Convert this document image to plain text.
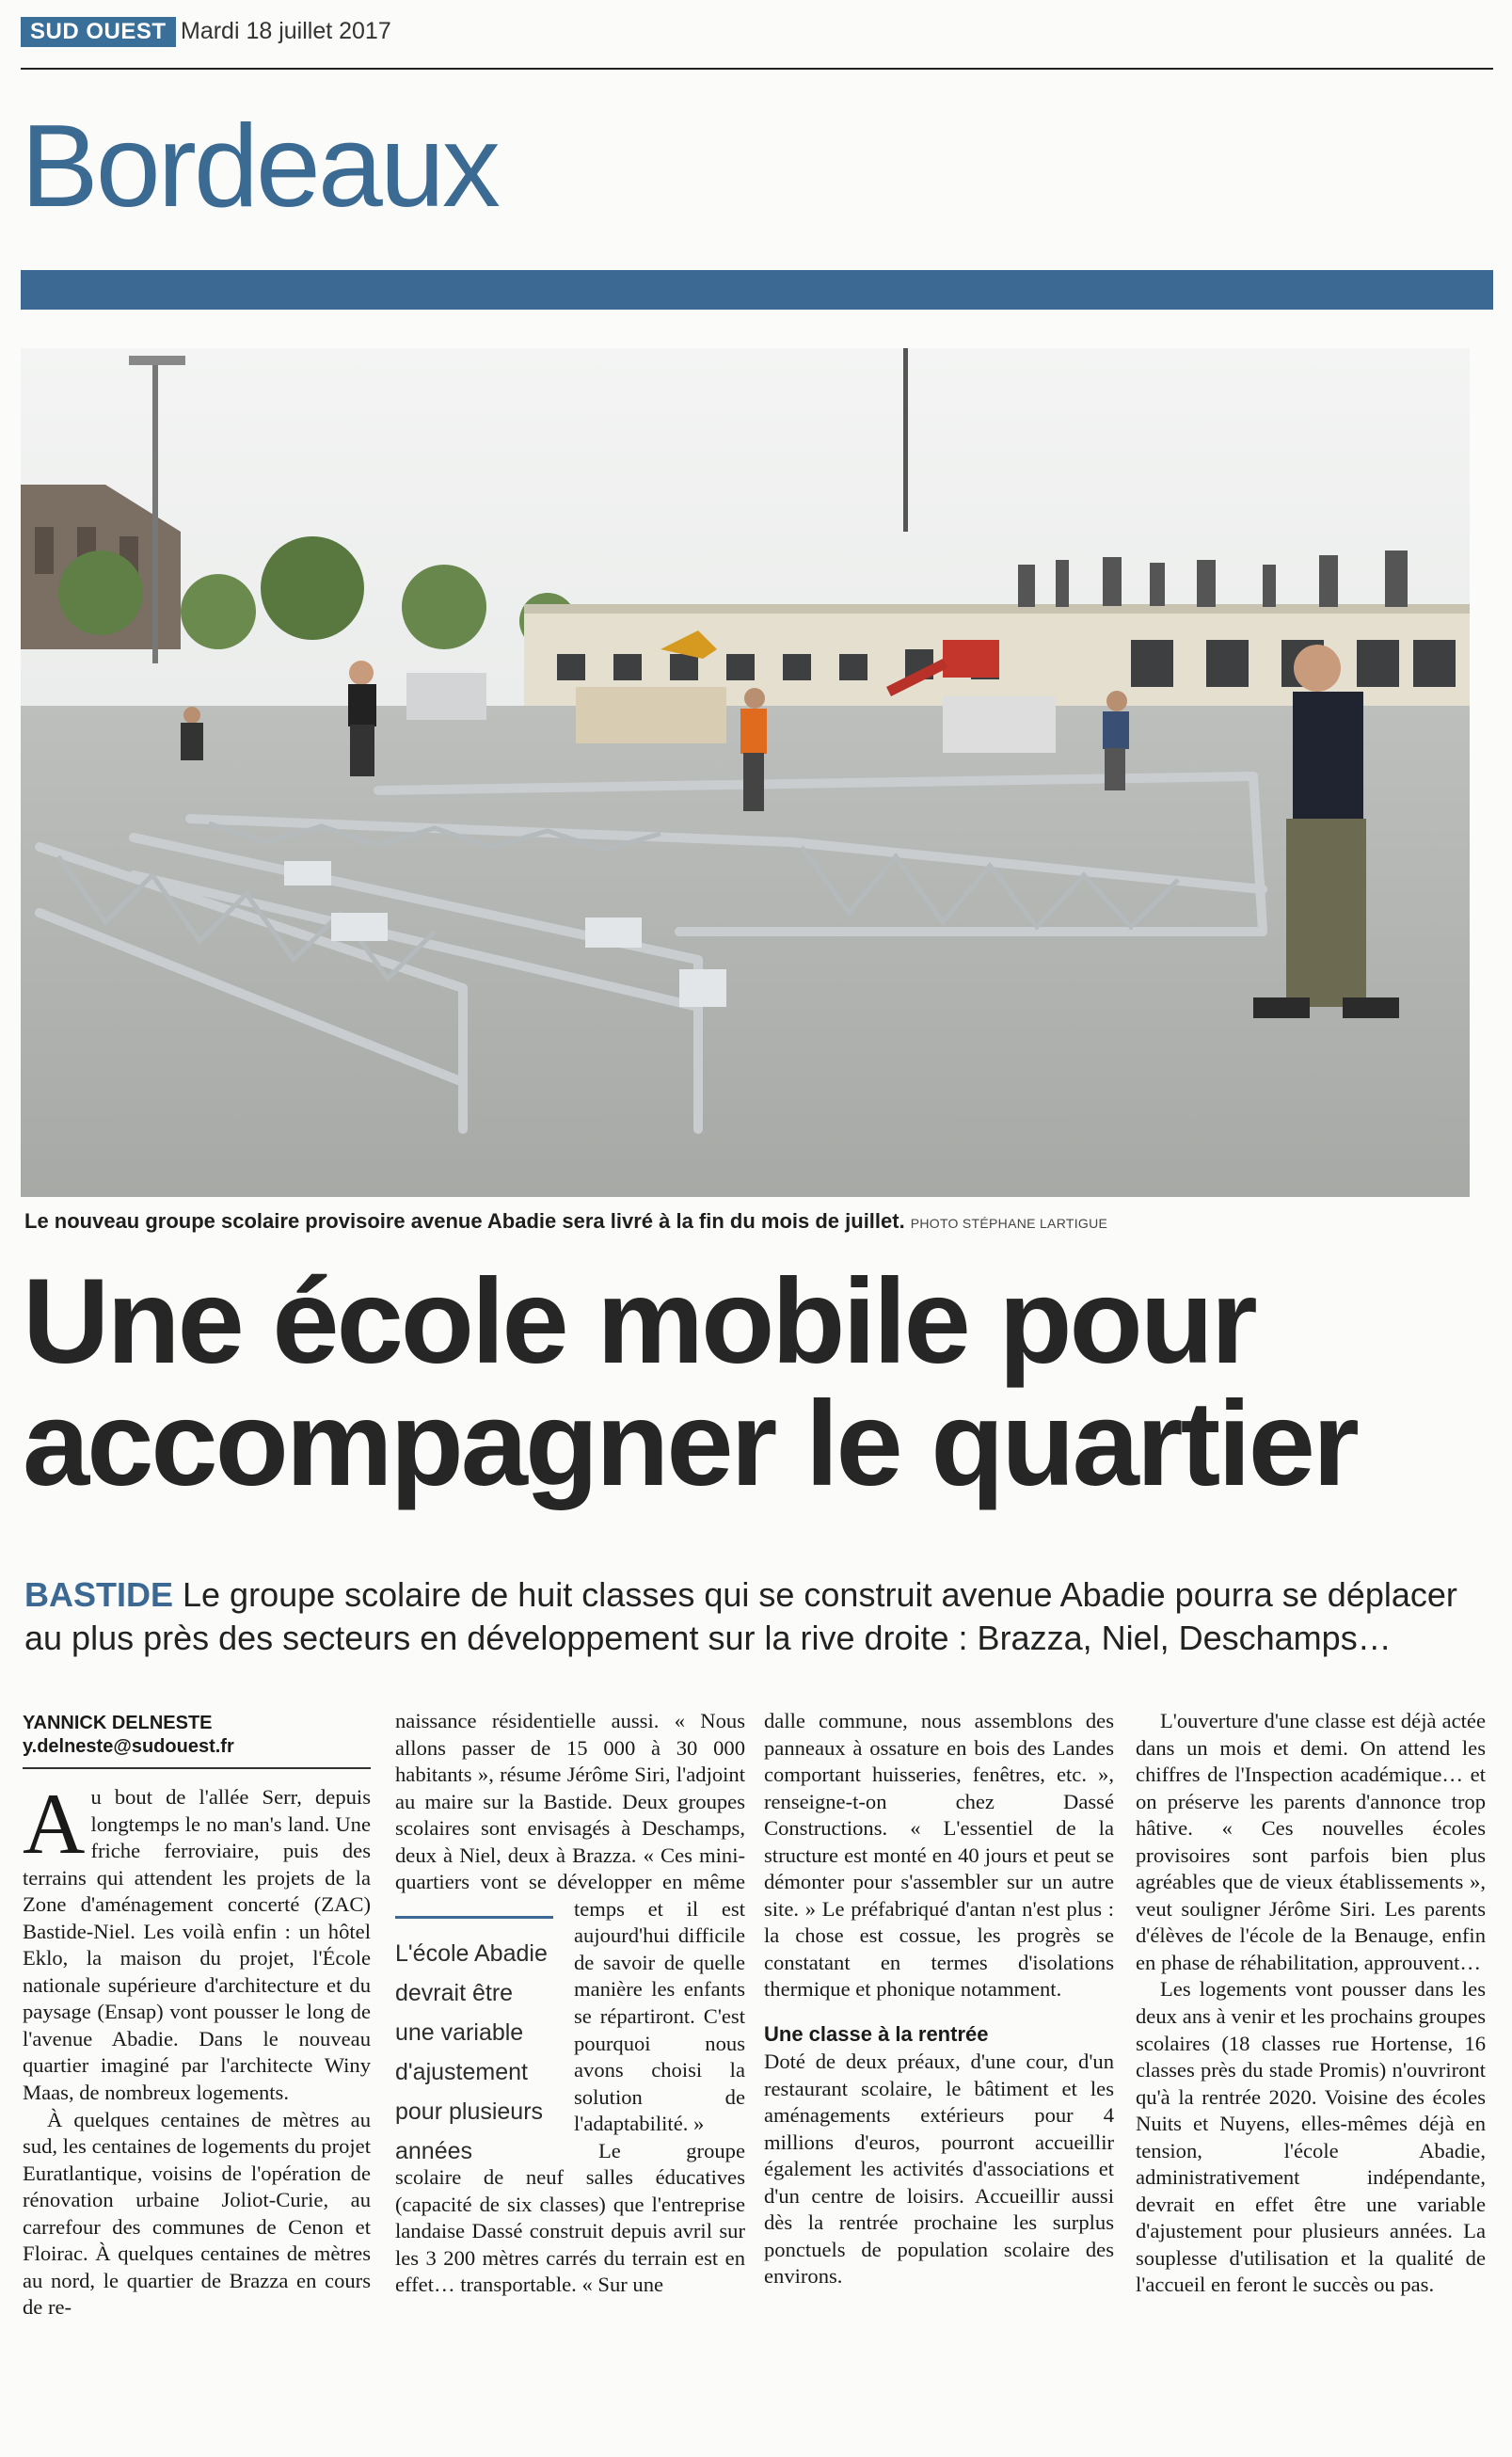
SUD OUEST Mardi 18 juillet 2017
Bordeaux
Le nouveau groupe scolaire provisoire avenue Abadie sera livré à la fin du mois de juillet. PHOTO STÉPHANE LARTIGUE
Une école mobile pour
accompagner le quartier
BASTIDE Le groupe scolaire de huit classes qui se construit avenue Abadie pourra se déplacer au plus près des secteurs en développement sur la rive droite : Brazza, Niel, Deschamps…
YANNICK DELNESTE
y.delneste@sudouest.fr

Au bout de l'allée Serr, depuis longtemps le no man's land. Une friche ferroviaire, puis des terrains qui attendent les projets de la Zone d'aménagement concerté (ZAC) Bastide-Niel. Les voilà enfin : un hôtel Eklo, la maison du projet, l'École nationale supérieure d'architecture et du paysage (Ensap) vont pousser le long de l'avenue Abadie. Dans le nouveau quartier imaginé par l'architecte Winy Maas, de nombreux logements.

À quelques centaines de mètres au sud, les centaines de logements du projet Euratlantique, voisins de l'opération de rénovation urbaine Joliot-Curie, au carrefour des communes de Cenon et Floirac. À quelques centaines de mètres au nord, le quartier de Brazza en cours de re-

naissance résidentielle aussi. « Nous allons passer de 15 000 à 30 000 habitants », résume Jérôme Siri, l'adjoint au maire sur la Bastide. Deux groupes scolaires sont envisagés à Deschamps, deux à Niel, deux à Brazza. « Ces mini-quartiers vont se développer en même temps et il est aujourd'hui difficile de savoir de quelle manière les enfants se répartiront. C'est pourquoi nous avons choisi la solution de l'adaptabilité. »

Le groupe scolaire de neuf salles éducatives (capacité de six classes) que l'entreprise landaise Dassé construit depuis avril sur les 3 200 mètres carrés du terrain est en effet… transportable. « Sur une

L'école Abadie devrait être une variable d'ajustement pour plusieurs années

dalle commune, nous assemblons des panneaux à ossature en bois des Landes comportant huisseries, fenêtres, etc. », renseigne-t-on chez Dassé Constructions. « L'essentiel de la structure est monté en 40 jours et peut se démonter pour s'assembler sur un autre site. » Le préfabriqué d'antan n'est plus : la chose est cossue, les progrès se constatant en termes d'isolations thermique et phonique notamment.

Une classe à la rentrée

Doté de deux préaux, d'une cour, d'un restaurant scolaire, le bâtiment et les aménagements extérieurs pour 4 millions d'euros, pourront accueillir également les activités d'associations et d'un centre de loisirs. Accueillir aussi dès la rentrée prochaine les surplus ponctuels de population scolaire des environs.

L'ouverture d'une classe est déjà actée dans un mois et demi. On attend les chiffres de l'Inspection académique… et on préserve les parents d'annonce trop hâtive. « Ces nouvelles écoles provisoires sont parfois bien plus agréables que de vieux établissements », veut souligner Jérôme Siri. Les parents d'élèves de l'école de la Benauge, enfin en phase de réhabilitation, approuvent…

Les logements vont pousser dans les deux ans à venir et les prochains groupes scolaires (18 classes rue Hortense, 16 classes près du stade Promis) n'ouvriront qu'à la rentrée 2020. Voisine des écoles Nuits et Nuyens, elles-mêmes déjà en tension, l'école Abadie, administrativement indépendante, devrait en effet être une variable d'ajustement pour plusieurs années. La souplesse d'utilisation et la qualité de l'accueil en feront le succès ou pas.
